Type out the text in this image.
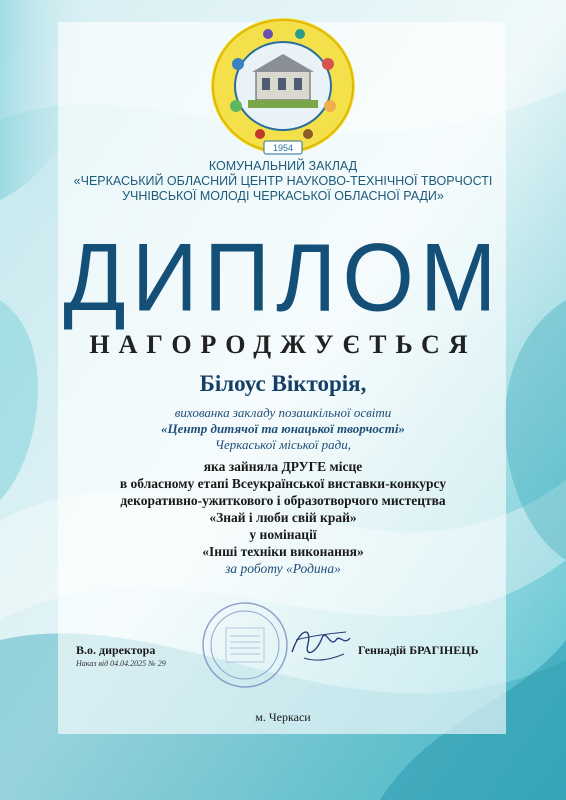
1954
КОМУНАЛЬНИЙ ЗАКЛАД
«ЧЕРКАСЬКИЙ ОБЛАСНИЙ ЦЕНТР НАУКОВО-ТЕХНІЧНОЇ ТВОРЧОСТІ
УЧНІВСЬКОЇ МОЛОДІ ЧЕРКАСЬКОЇ ОБЛАСНОЇ РАДИ»
ДИПЛОМ
НАГОРОДЖУЄТЬСЯ
Білоус Вікторія,
вихованка закладу позашкільної освіти
«Центр дитячої та юнацької творчості»
Черкаської міської ради,
яка зайняла ДРУГЕ місце
в обласному етапі Всеукраїнської виставки-конкурсу
декоративно-ужиткового і образотворчого мистецтва
«Знай і люби свій край»
у номінації
«Інші техніки виконання»
за роботу «Родина»
В.о. директора
Наказ від 04.04.2025 № 29
Геннадій БРАГІНЕЦЬ
м. Черкаси
